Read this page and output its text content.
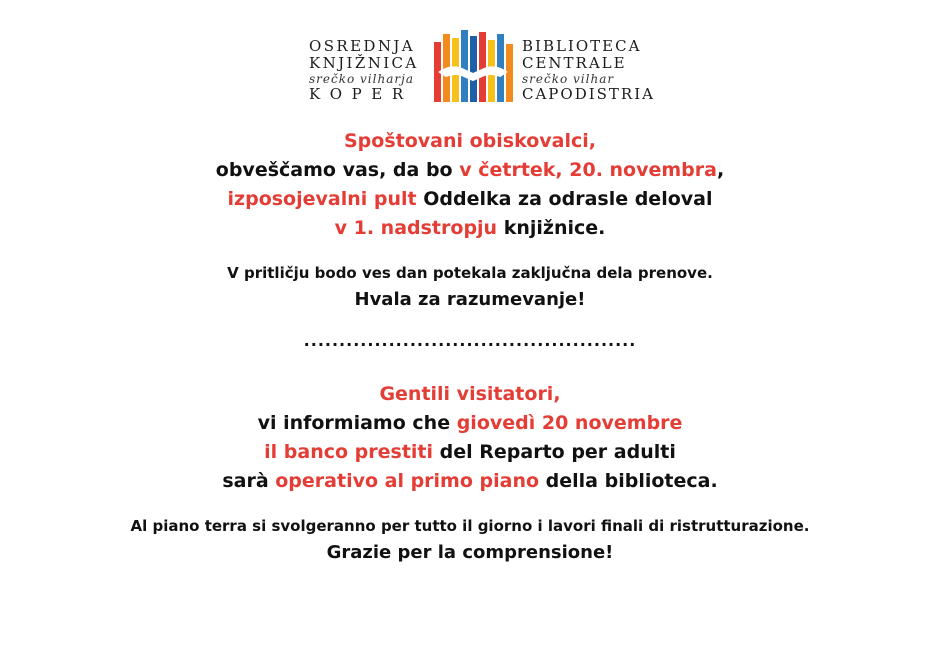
OSREDNJA
KNJIŽNICA
srečko vilharja
K O P E R
BIBLIOTECA
CENTRALE
srečko vilhar
CAPODISTRIA
Spoštovani obiskovalci,
obveščamo vas, da bo v četrtek, 20. novembra,
izposojevalni pult Oddelka za odrasle deloval
v 1. nadstropju knjižnice.
V pritličju bodo ves dan potekala zaključna dela prenove.
Hvala za razumevanje!
...............................................
Gentili visitatori,
vi informiamo che giovedì 20 novembre
il banco prestiti del Reparto per adulti
sarà operativo al primo piano della biblioteca.
Al piano terra si svolgeranno per tutto il giorno i lavori finali di ristrutturazione.
Grazie per la comprensione!
